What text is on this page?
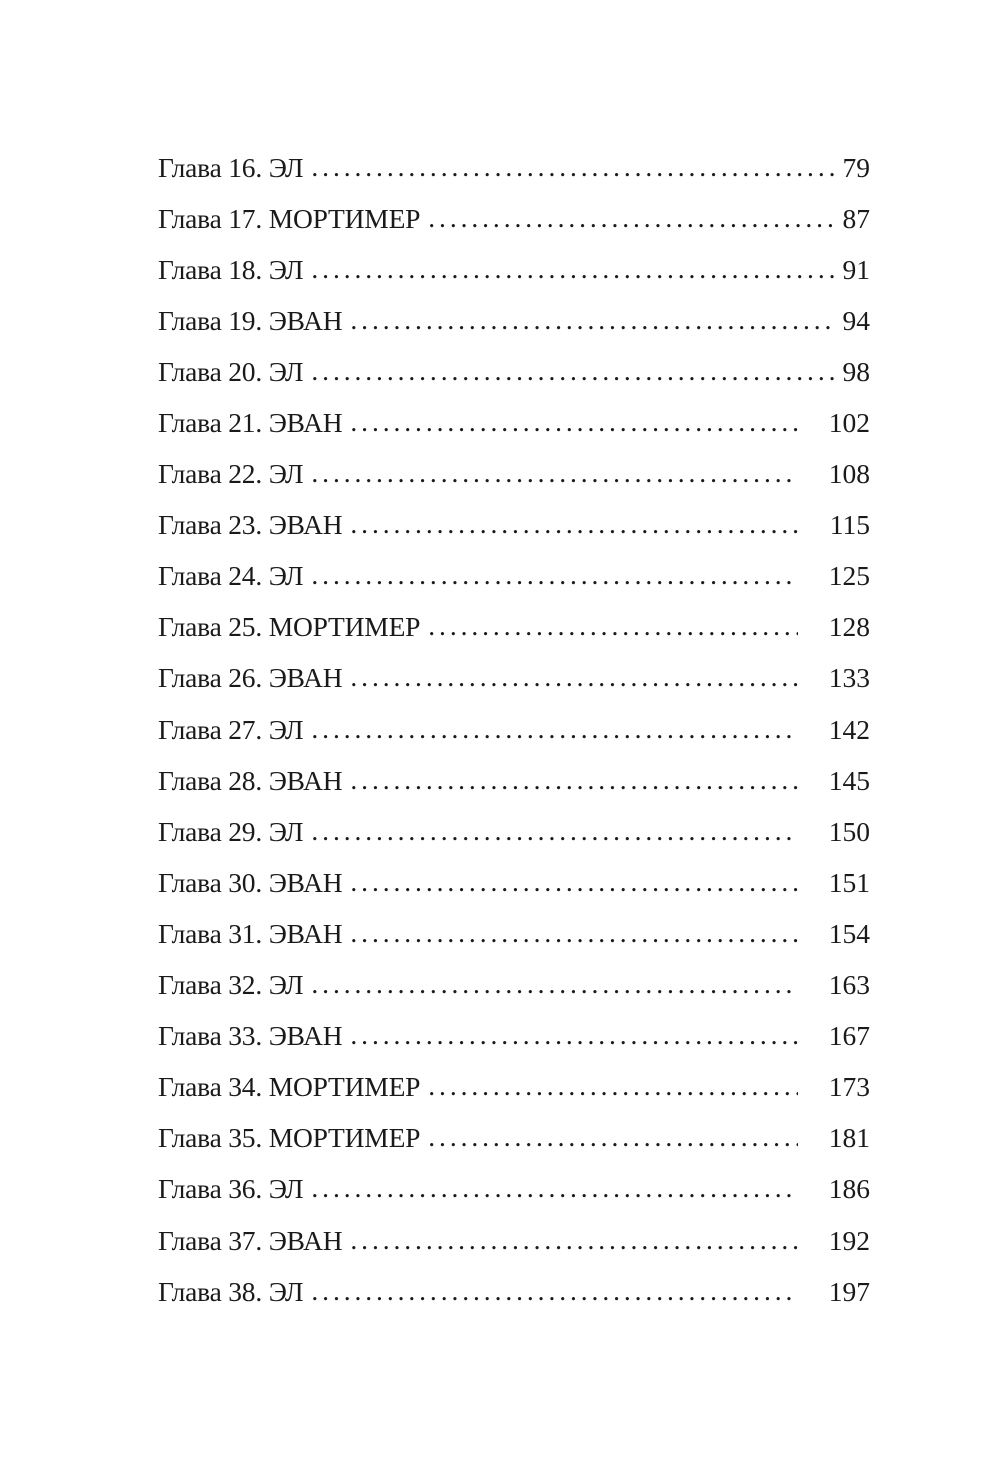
Глава 16. ЭЛ .....	79
Глава 17. МОРТИМЕР .....	87
Глава 18. ЭЛ .....	91
Глава 19. ЭВАН .....	94
Глава 20. ЭЛ .....	98
Глава 21. ЭВАН .....	102
Глава 22. ЭЛ .....	108
Глава 23. ЭВАН .....	115
Глава 24. ЭЛ .....	125
Глава 25. МОРТИМЕР .....	128
Глава 26. ЭВАН .....	133
Глава 27. ЭЛ .....	142
Глава 28. ЭВАН .....	145
Глава 29. ЭЛ .....	150
Глава 30. ЭВАН .....	151
Глава 31. ЭВАН .....	154
Глава 32. ЭЛ .....	163
Глава 33. ЭВАН .....	167
Глава 34. МОРТИМЕР .....	173
Глава 35. МОРТИМЕР .....	181
Глава 36. ЭЛ .....	186
Глава 37. ЭВАН .....	192
Глава 38. ЭЛ .....	197
